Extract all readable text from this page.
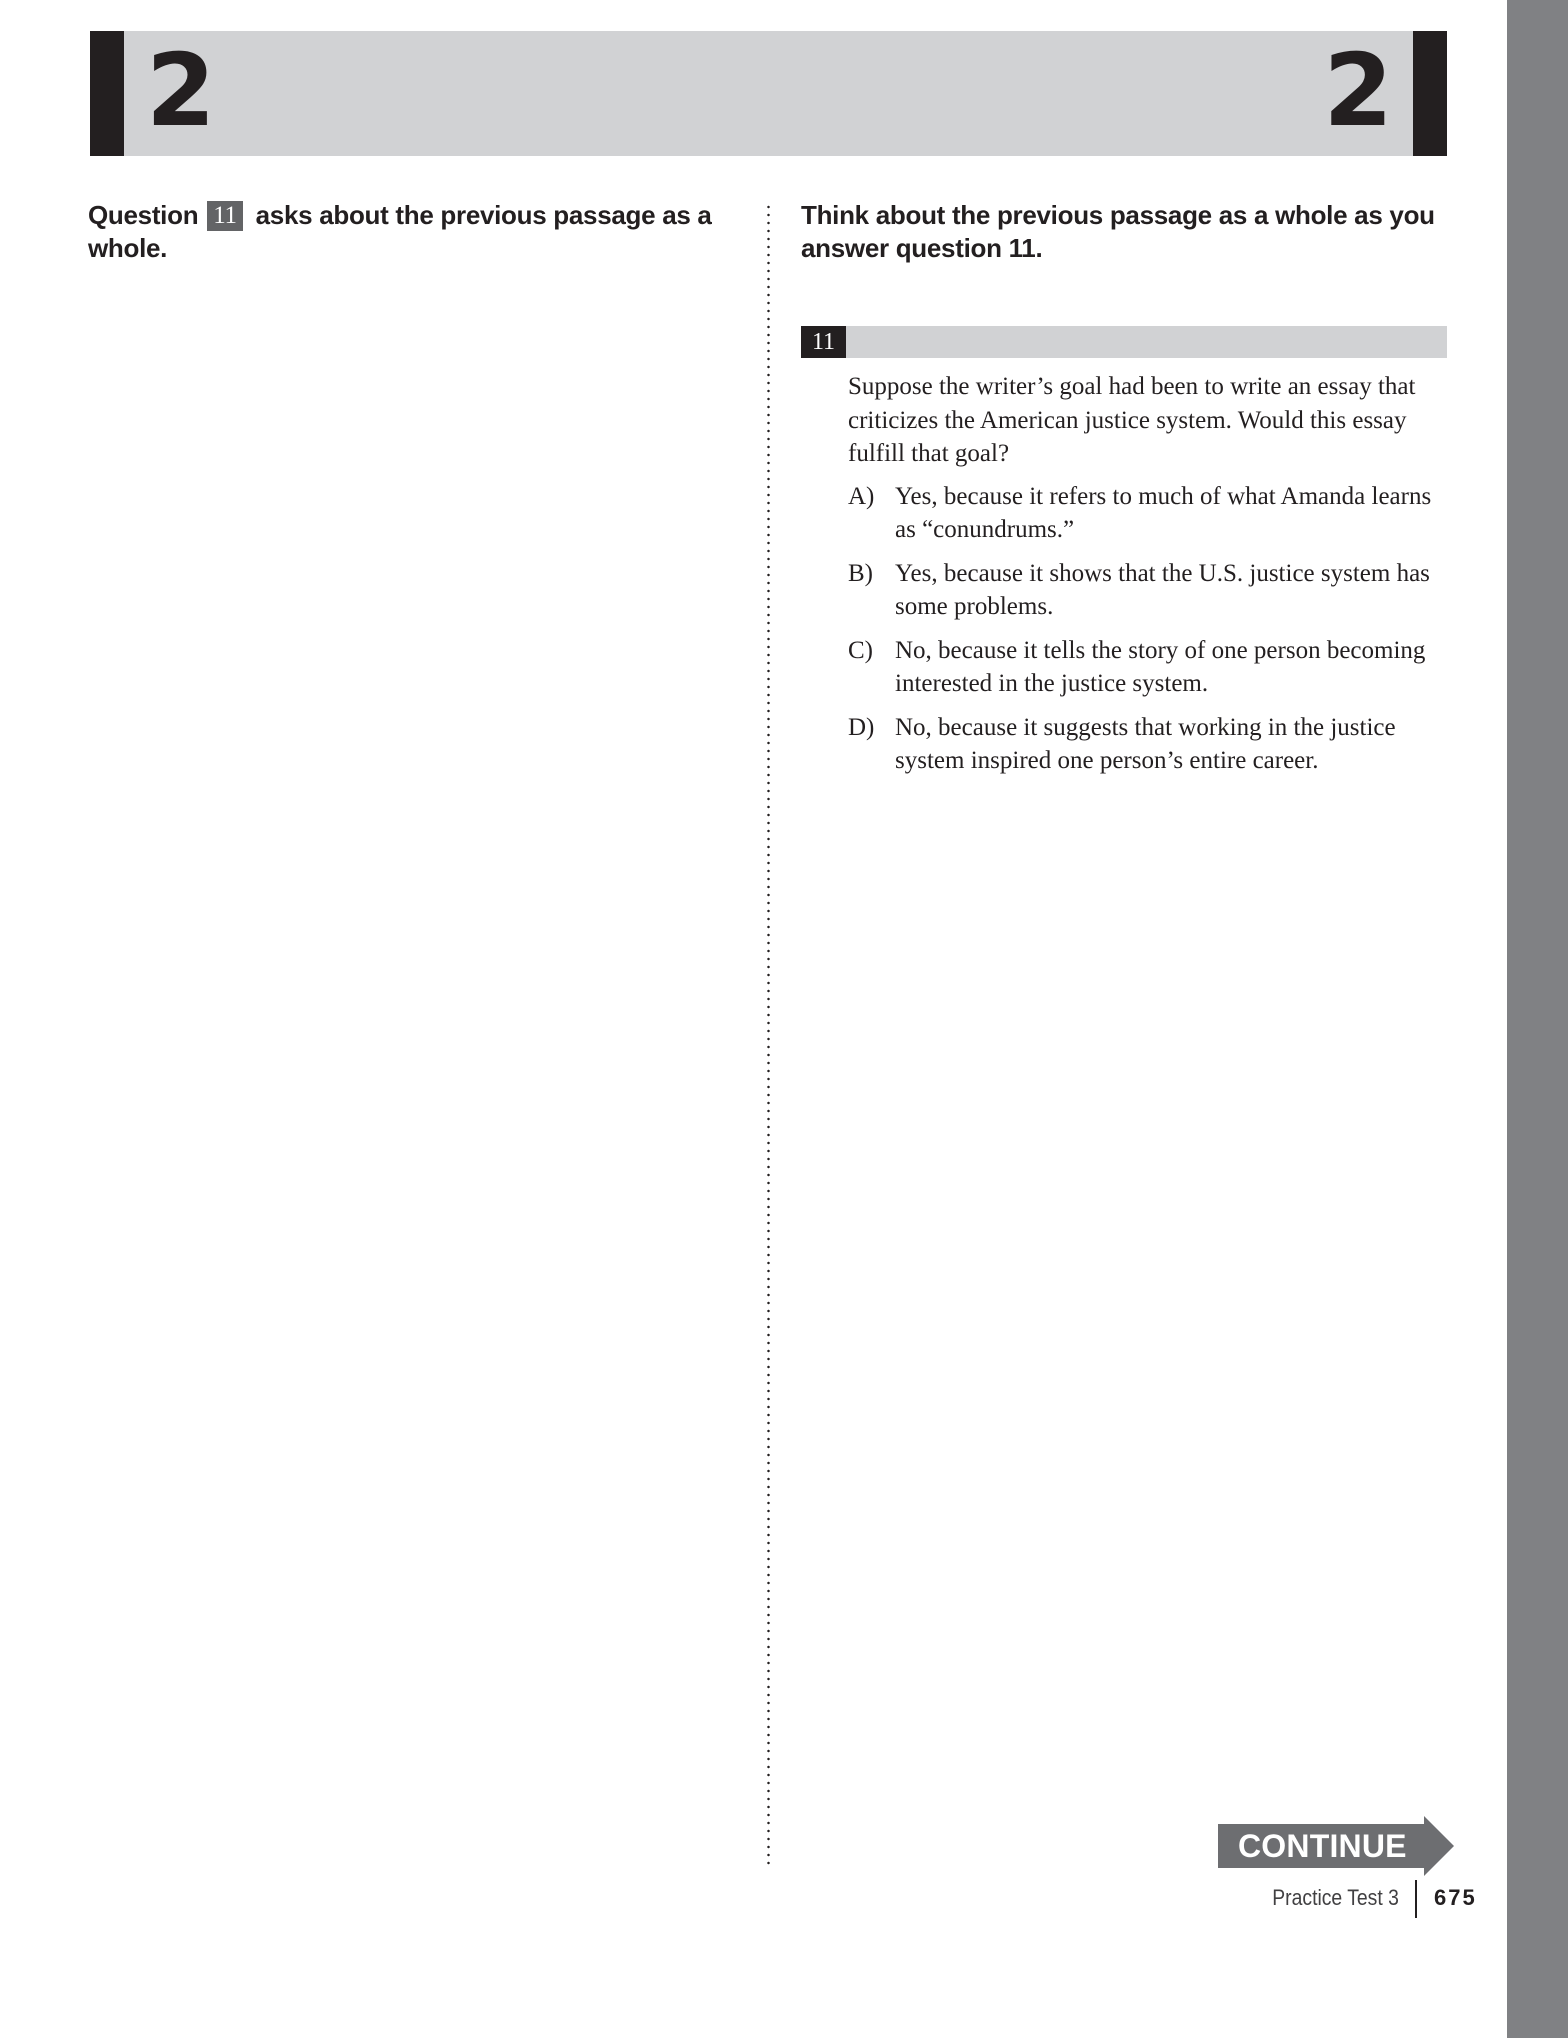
2	2
Question 11 asks about the previous passage as a whole.
Think about the previous passage as a whole as you answer question 11.
11
Suppose the writer’s goal had been to write an essay that criticizes the American justice system. Would this essay fulfill that goal?
A) Yes, because it refers to much of what Amanda learns as “conundrums.”
B) Yes, because it shows that the U.S. justice system has some problems.
C) No, because it tells the story of one person becoming interested in the justice system.
D) No, because it suggests that working in the justice system inspired one person’s entire career.
CONTINUE
Practice Test 3 675
